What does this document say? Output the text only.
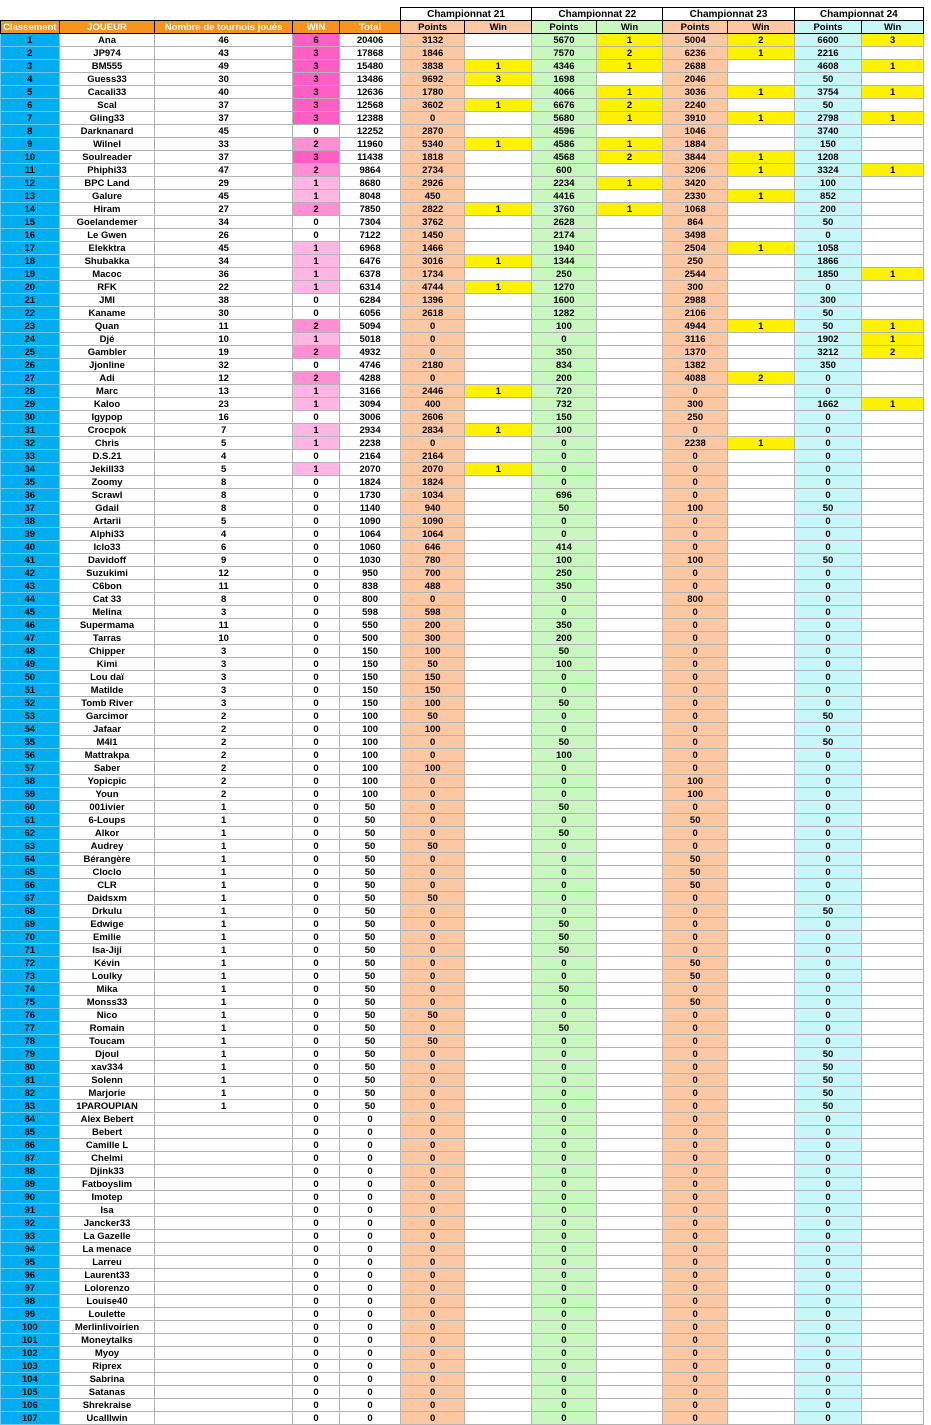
					Championnat 21		Championnat 22		Championnat 23		Championnat 24	
Classement	JOUEUR	Nombre de tournois joués	WIN	Total	Points	Win	Points	Win	Points	Win	Points	Win
1	Ana	46	6	20406	3132		5670	1	5004	2	6600	3
2	JP974	43	3	17868	1846		7570	2	6236	1	2216	
3	BM555	49	3	15480	3838	1	4346	1	2688		4608	1
4	Guess33	30	3	13486	9692	3	1698		2046		50	
5	Cacali33	40	3	12636	1780		4066	1	3036	1	3754	1
6	Scal	37	3	12568	3602	1	6676	2	2240		50	
7	Gling33	37	3	12388	0		5680	1	3910	1	2798	1
8	Darknanard	45	0	12252	2870		4596		1046		3740	
9	Wilnel	33	2	11960	5340	1	4586	1	1884		150	
10	Soulreader	37	3	11438	1818		4568	2	3844	1	1208	
11	Phiphi33	47	2	9864	2734		600		3206	1	3324	1
12	BPC Land	29	1	8680	2926		2234	1	3420		100	
13	Galure	45	1	8048	450		4416		2330	1	852	
14	Hiram	27	2	7850	2822	1	3760	1	1068		200	
15	Goelandemer	34	0	7304	3762		2628		864		50	
16	Le Gwen	26	0	7122	1450		2174		3498		0	
17	Elekktra	45	1	6968	1466		1940		2504	1	1058	
18	Shubakka	34	1	6476	3016	1	1344		250		1866	
19	Macoc	36	1	6378	1734		250		2544		1850	1
20	RFK	22	1	6314	4744	1	1270		300		0	
21	JMI	38	0	6284	1396		1600		2988		300	
22	Kaname	30	0	6056	2618		1282		2106		50	
23	Quan	11	2	5094	0		100		4944	1	50	1
24	Djé	10	1	5018	0		0		3116		1902	1
25	Gambler	19	2	4932	0		350		1370		3212	2
26	Jjonline	32	0	4746	2180		834		1382		350	
27	Adi	12	2	4288	0		200		4088	2	0	
28	Marc	13	1	3166	2446	1	720		0		0	
29	Kaloo	23	1	3094	400		732		300		1662	1
30	Igypop	16	0	3006	2606		150		250		0	
31	Crocpok	7	1	2934	2834	1	100		0		0	
32	Chris	5	1	2238	0		0		2238	1	0	
33	D.S.21	4	0	2164	2164		0		0		0	
34	Jekill33	5	1	2070	2070	1	0		0		0	
35	Zoomy	8	0	1824	1824		0		0		0	
36	Scrawl	8	0	1730	1034		696		0		0	
37	Gdail	8	0	1140	940		50		100		50	
38	Artarii	5	0	1090	1090		0		0		0	
39	Alphi33	4	0	1064	1064		0		0		0	
40	Iclo33	6	0	1060	646		414		0		0	
41	Davidoff	9	0	1030	780		100		100		50	
42	Suzukimi	12	0	950	700		250		0		0	
43	C6bon	11	0	838	488		350		0		0	
44	Cat 33	8	0	800	0		0		800		0	
45	Melina	3	0	598	598		0		0		0	
46	Supermama	11	0	550	200		350		0		0	
47	Tarras	10	0	500	300		200		0		0	
48	Chipper	3	0	150	100		50		0		0	
49	Kimi	3	0	150	50		100		0		0	
50	Lou daï	3	0	150	150		0		0		0	
51	Matilde	3	0	150	150		0		0		0	
52	Tomb River	3	0	150	100		50		0		0	
53	Garcimor	2	0	100	50		0		0		50	
54	Jafaar	2	0	100	100		0		0		0	
55	M4l1	2	0	100	0		50		0		50	
56	Mattrakpa	2	0	100	0		100		0		0	
57	Saber	2	0	100	100		0		0		0	
58	Yopicpic	2	0	100	0		0		100		0	
59	Youn	2	0	100	0		0		100		0	
60	001ivier	1	0	50	0		50		0		0	
61	6-Loups	1	0	50	0		0		50		0	
62	Alkor	1	0	50	0		50		0		0	
63	Audrey	1	0	50	50		0		0		0	
64	Bérangère	1	0	50	0		0		50		0	
65	Cloclo	1	0	50	0		0		50		0	
66	CLR	1	0	50	0		0		50		0	
67	Daidsxm	1	0	50	50		0		0		0	
68	Drkulu	1	0	50	0		0		0		50	
69	Edwige	1	0	50	0		50		0		0	
70	Emilie	1	0	50	0		50		0		0	
71	Isa-Jiji	1	0	50	0		50		0		0	
72	Kévin	1	0	50	0		0		50		0	
73	Loulky	1	0	50	0		0		50		0	
74	Mika	1	0	50	0		50		0		0	
75	Monss33	1	0	50	0		0		50		0	
76	Nico	1	0	50	50		0		0		0	
77	Romain	1	0	50	0		50		0		0	
78	Toucam	1	0	50	50		0		0		0	
79	Djoul	1	0	50	0		0		0		50	
80	xav334	1	0	50	0		0		0		50	
81	Solenn	1	0	50	0		0		0		50	
82	Marjorie	1	0	50	0		0		0		50	
83	1PAROUPIAN	1	0	50	0		0		0		50	
84	Alex Bebert		0	0	0		0		0		0	
85	Bebert		0	0	0		0		0		0	
86	Camille L		0	0	0		0		0		0	
87	Chelmi		0	0	0		0		0		0	
88	Djink33		0	0	0		0		0		0	
89	Fatboyslim		0	0	0		0		0		0	
90	Imotep		0	0	0		0		0		0	
91	Isa		0	0	0		0		0		0	
92	Jancker33		0	0	0		0		0		0	
93	La Gazelle		0	0	0		0		0		0	
94	La menace		0	0	0		0		0		0	
95	Larreu		0	0	0		0		0		0	
96	Laurent33		0	0	0		0		0		0	
97	Lolorenzo		0	0	0		0		0		0	
98	Louise40		0	0	0		0		0		0	
99	Loulette		0	0	0		0		0		0	
100	Merlinlivoirien		0	0	0		0		0		0	
101	Moneytalks		0	0	0		0		0		0	
102	Myoy		0	0	0		0		0		0	
103	Riprex		0	0	0		0		0		0	
104	Sabrina		0	0	0		0		0		0	
105	Satanas		0	0	0		0		0		0	
106	Shrekraise		0	0	0		0		0		0	
107	Ucalllwin		0	0	0		0		0		0	
